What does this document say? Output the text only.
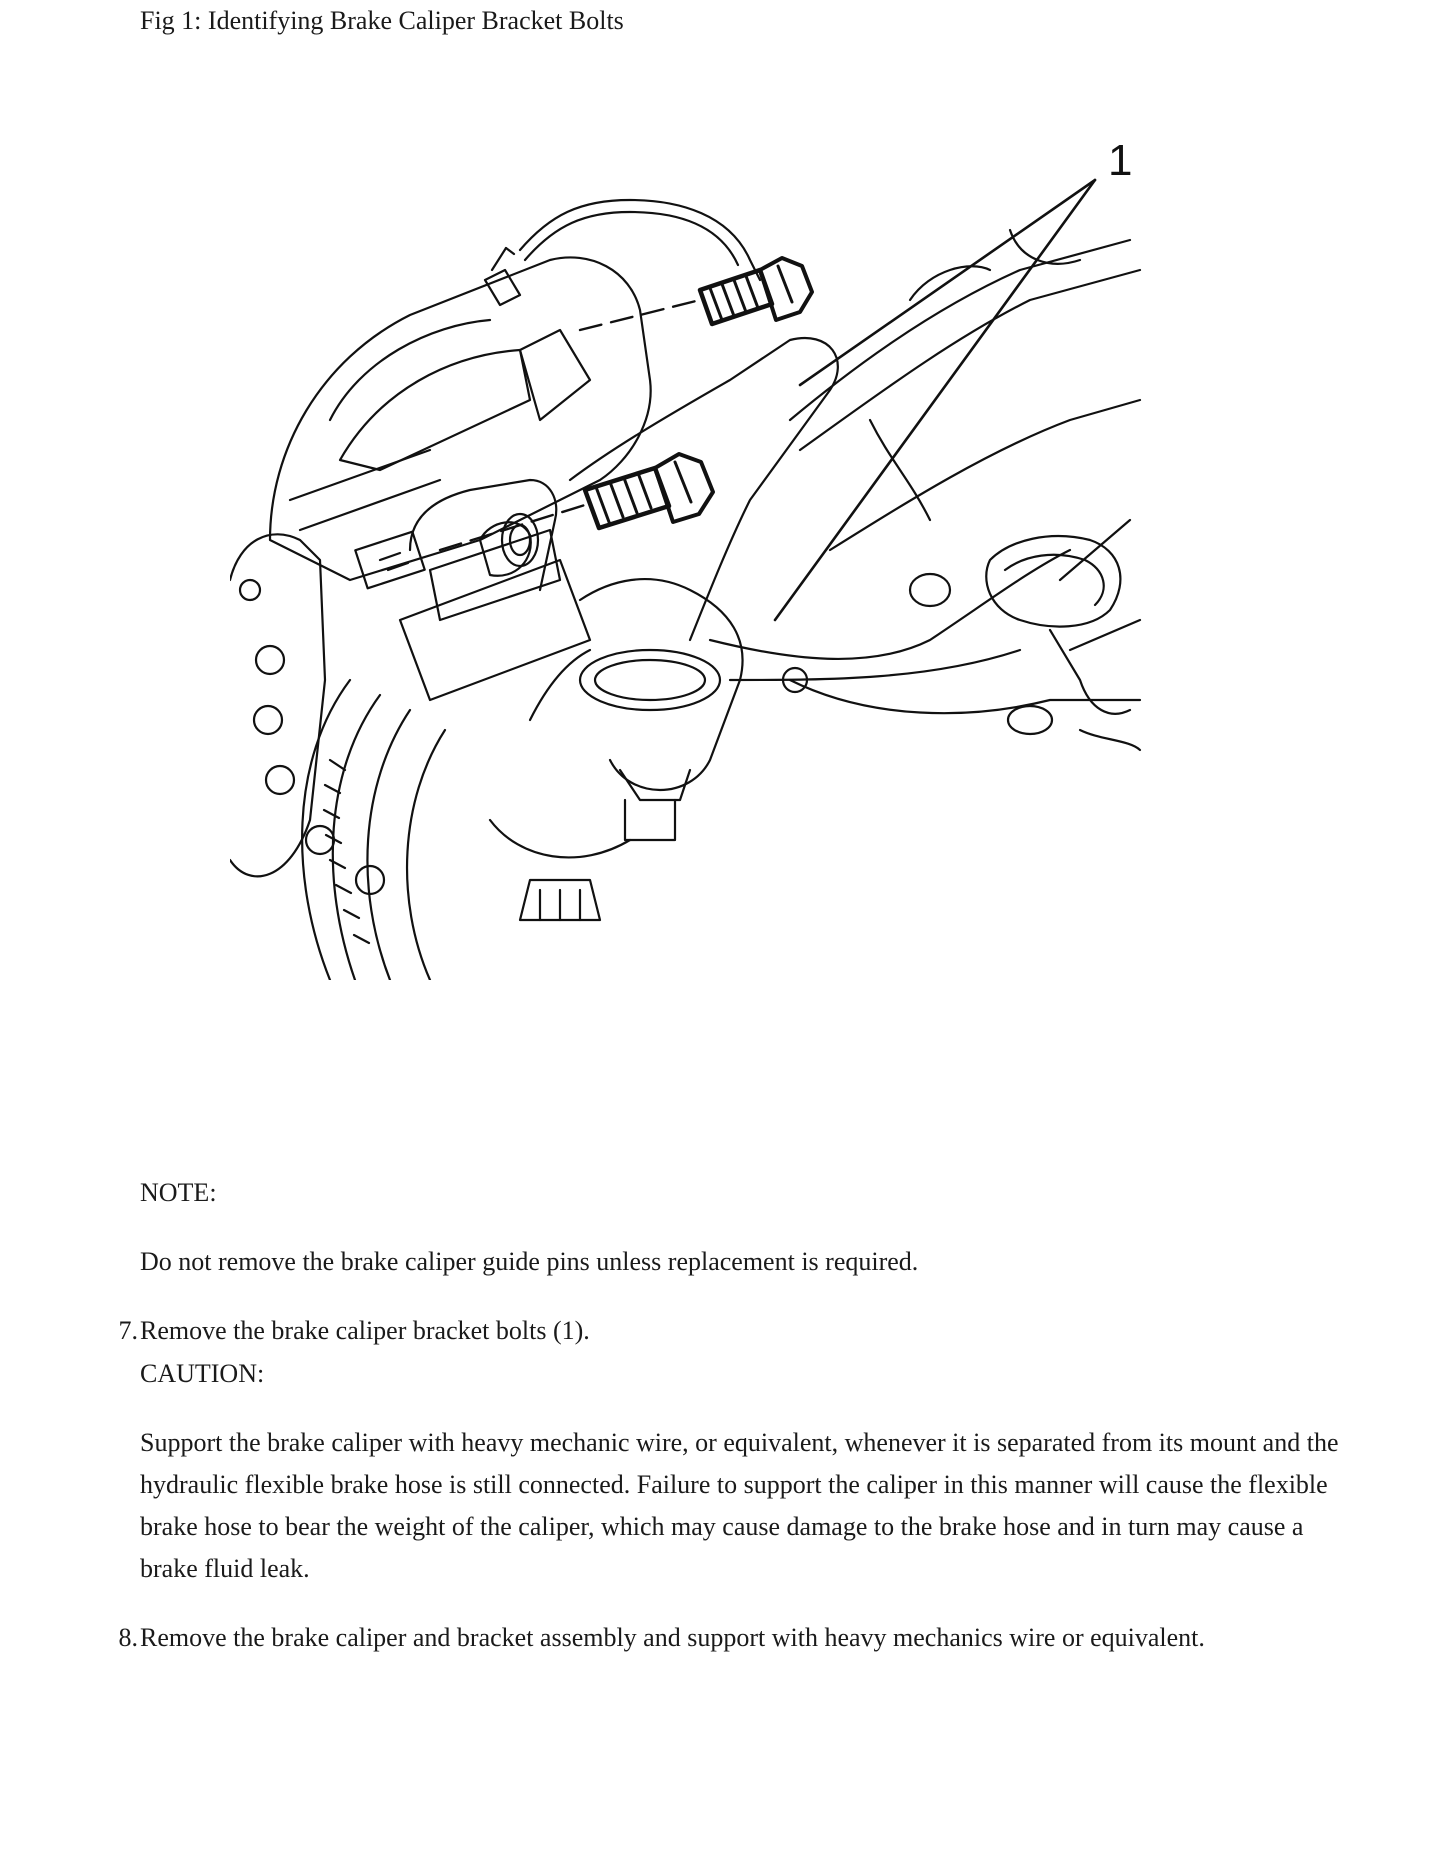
Fig 1: Identifying Brake Caliper Bracket Bolts
1
NOTE:
Do not remove the brake caliper guide pins unless replacement is required.
7. Remove the brake caliper bracket bolts (1).
CAUTION:

Support the brake caliper with heavy mechanic wire, or equivalent, whenever it is separated from its mount and the hydraulic flexible brake hose is still connected. Failure to support the caliper in this manner will cause the flexible brake hose to bear the weight of the caliper, which may cause damage to the brake hose and in turn may cause a brake fluid leak.

8. Remove the brake caliper and bracket assembly and support with heavy mechanics wire or equivalent.
